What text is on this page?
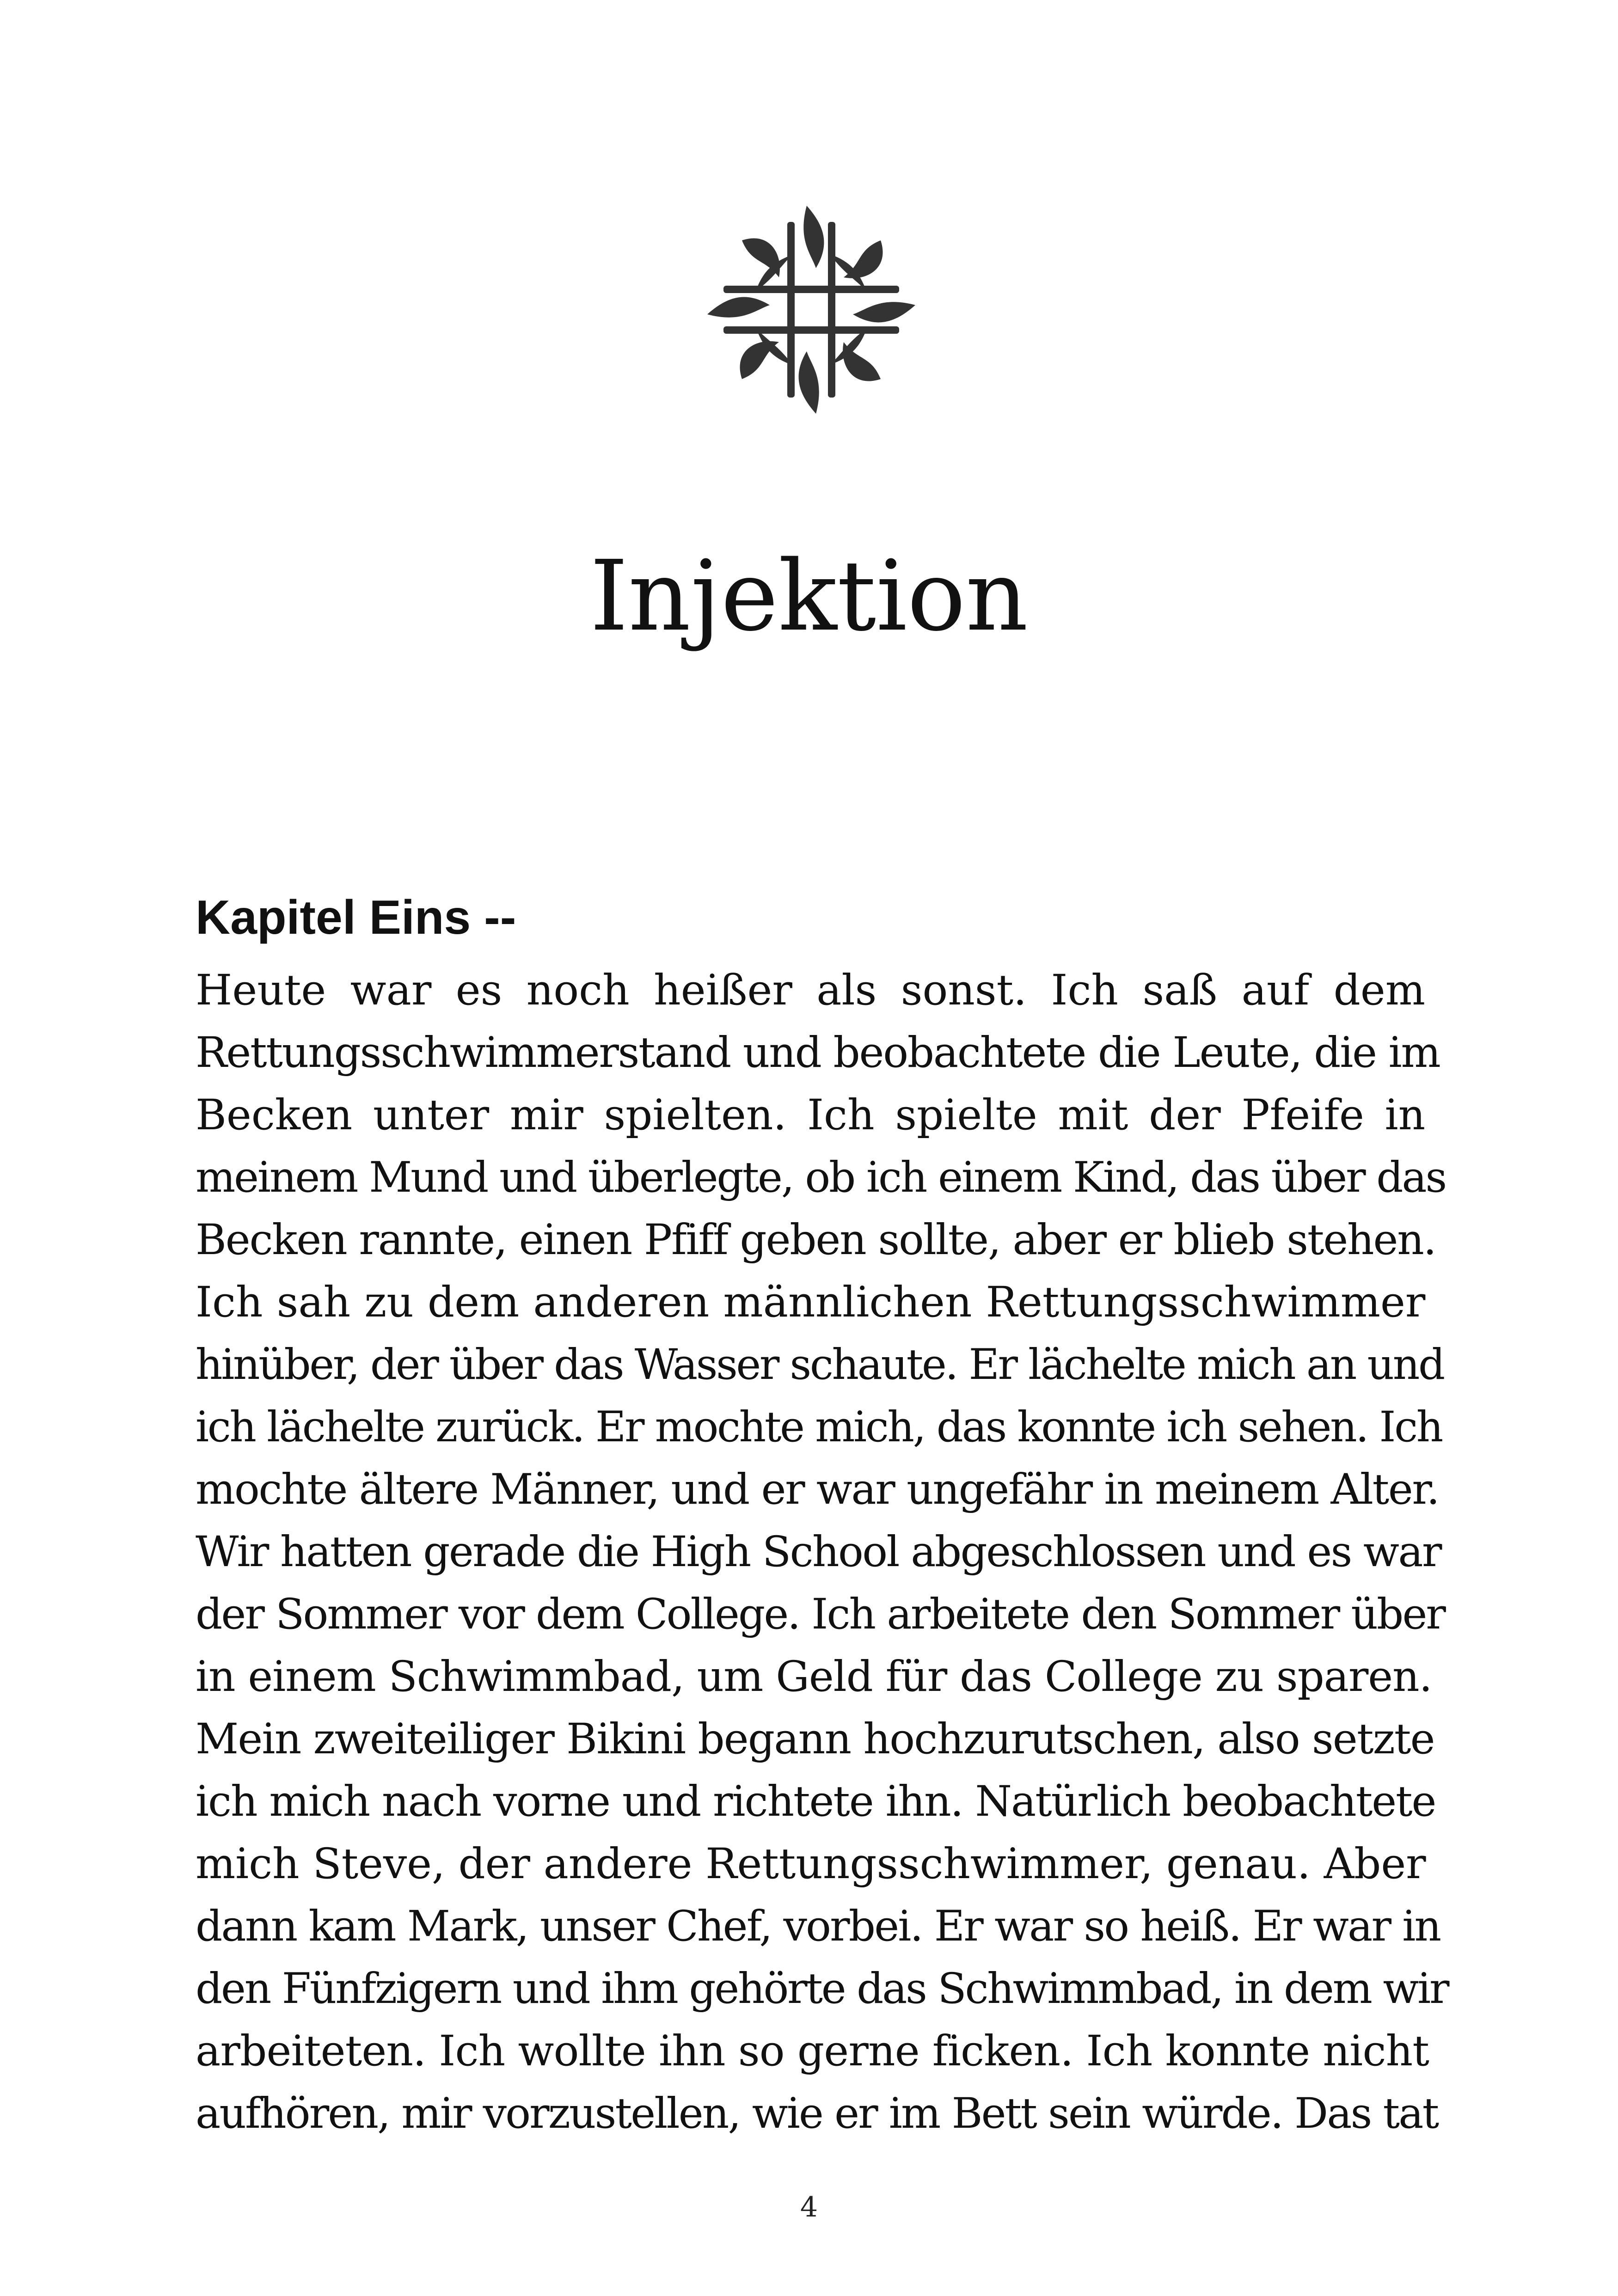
Injektion
Kapitel Eins --
Heute war es noch heißer als sonst. Ich saß auf dem
Rettungsschwimmerstand und beobachtete die Leute, die im
Becken unter mir spielten. Ich spielte mit der Pfeife in
meinem Mund und überlegte, ob ich einem Kind, das über das
Becken rannte, einen Pfiff geben sollte, aber er blieb stehen.
Ich sah zu dem anderen männlichen Rettungsschwimmer
hinüber, der über das Wasser schaute. Er lächelte mich an und
ich lächelte zurück. Er mochte mich, das konnte ich sehen. Ich
mochte ältere Männer, und er war ungefähr in meinem Alter.
Wir hatten gerade die High School abgeschlossen und es war
der Sommer vor dem College. Ich arbeitete den Sommer über
in einem Schwimmbad, um Geld für das College zu sparen.
Mein zweiteiliger Bikini begann hochzurutschen, also setzte
ich mich nach vorne und richtete ihn. Natürlich beobachtete
mich Steve, der andere Rettungsschwimmer, genau. Aber
dann kam Mark, unser Chef, vorbei. Er war so heiß. Er war in
den Fünfzigern und ihm gehörte das Schwimmbad, in dem wir
arbeiteten. Ich wollte ihn so gerne ficken. Ich konnte nicht
aufhören, mir vorzustellen, wie er im Bett sein würde. Das tat
4
